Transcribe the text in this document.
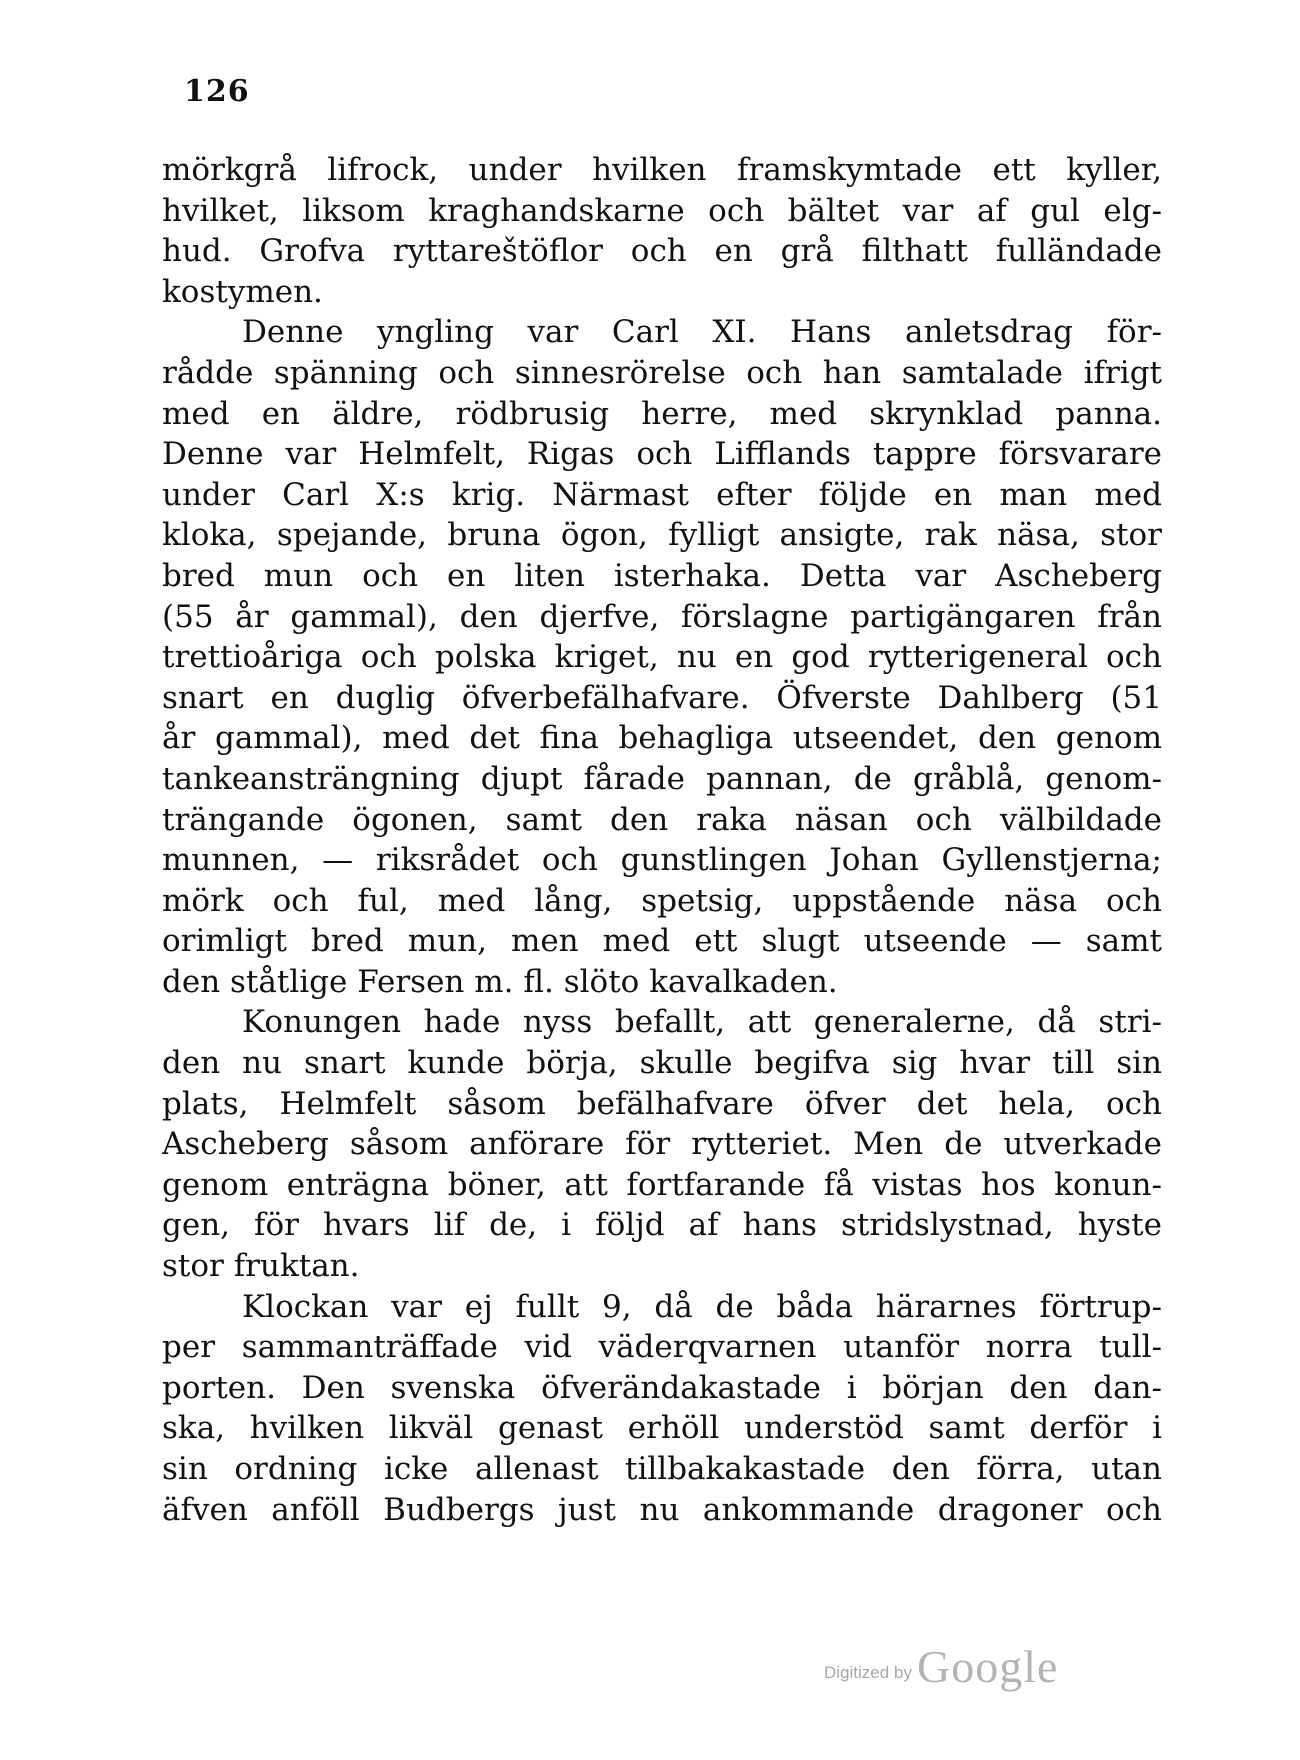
126
mörkgrå lifrock, under hvilken framskymtade ett kyller,
hvilket, liksom kraghandskarne och bältet var af gul elg-
hud. Grofva ryttareštöflor och en grå filthatt fulländade
kostymen.
Denne yngling var Carl XI. Hans anletsdrag för-
rådde spänning och sinnesrörelse och han samtalade ifrigt
med en äldre, rödbrusig herre, med skrynklad panna.
Denne var Helmfelt, Rigas och Lifflands tappre försvarare
under Carl X:s krig. Närmast efter följde en man med
kloka, spejande, bruna ögon, fylligt ansigte, rak näsa, stor
bred mun och en liten isterhaka. Detta var Ascheberg
(55 år gammal), den djerfve, förslagne partigängaren från
trettioåriga och polska kriget, nu en god rytterigeneral och
snart en duglig öfverbefälhafvare. Öfverste Dahlberg (51
år gammal), med det fina behagliga utseendet, den genom
tankeansträngning djupt fårade pannan, de gråblå, genom-
trängande ögonen, samt den raka näsan och välbildade
munnen, — riksrådet och gunstlingen Johan Gyllenstjerna;
mörk och ful, med lång, spetsig, uppstående näsa och
orimligt bred mun, men med ett slugt utseende — samt
den ståtlige Fersen m. fl. slöto kavalkaden.
Konungen hade nyss befallt, att generalerne, då stri-
den nu snart kunde börja, skulle begifva sig hvar till sin
plats, Helmfelt såsom befälhafvare öfver det hela, och
Ascheberg såsom anförare för rytteriet. Men de utverkade
genom enträgna böner, att fortfarande få vistas hos konun-
gen, för hvars lif de, i följd af hans stridslystnad, hyste
stor fruktan.
Klockan var ej fullt 9, då de båda härarnes förtrup-
per sammanträffade vid väderqvarnen utanför norra tull-
porten. Den svenska öfverändakastade i början den dan-
ska, hvilken likväl genast erhöll understöd samt derför i
sin ordning icke allenast tillbakakastade den förra, utan
äfven anföll Budbergs just nu ankommande dragoner och
Digitized by Google
